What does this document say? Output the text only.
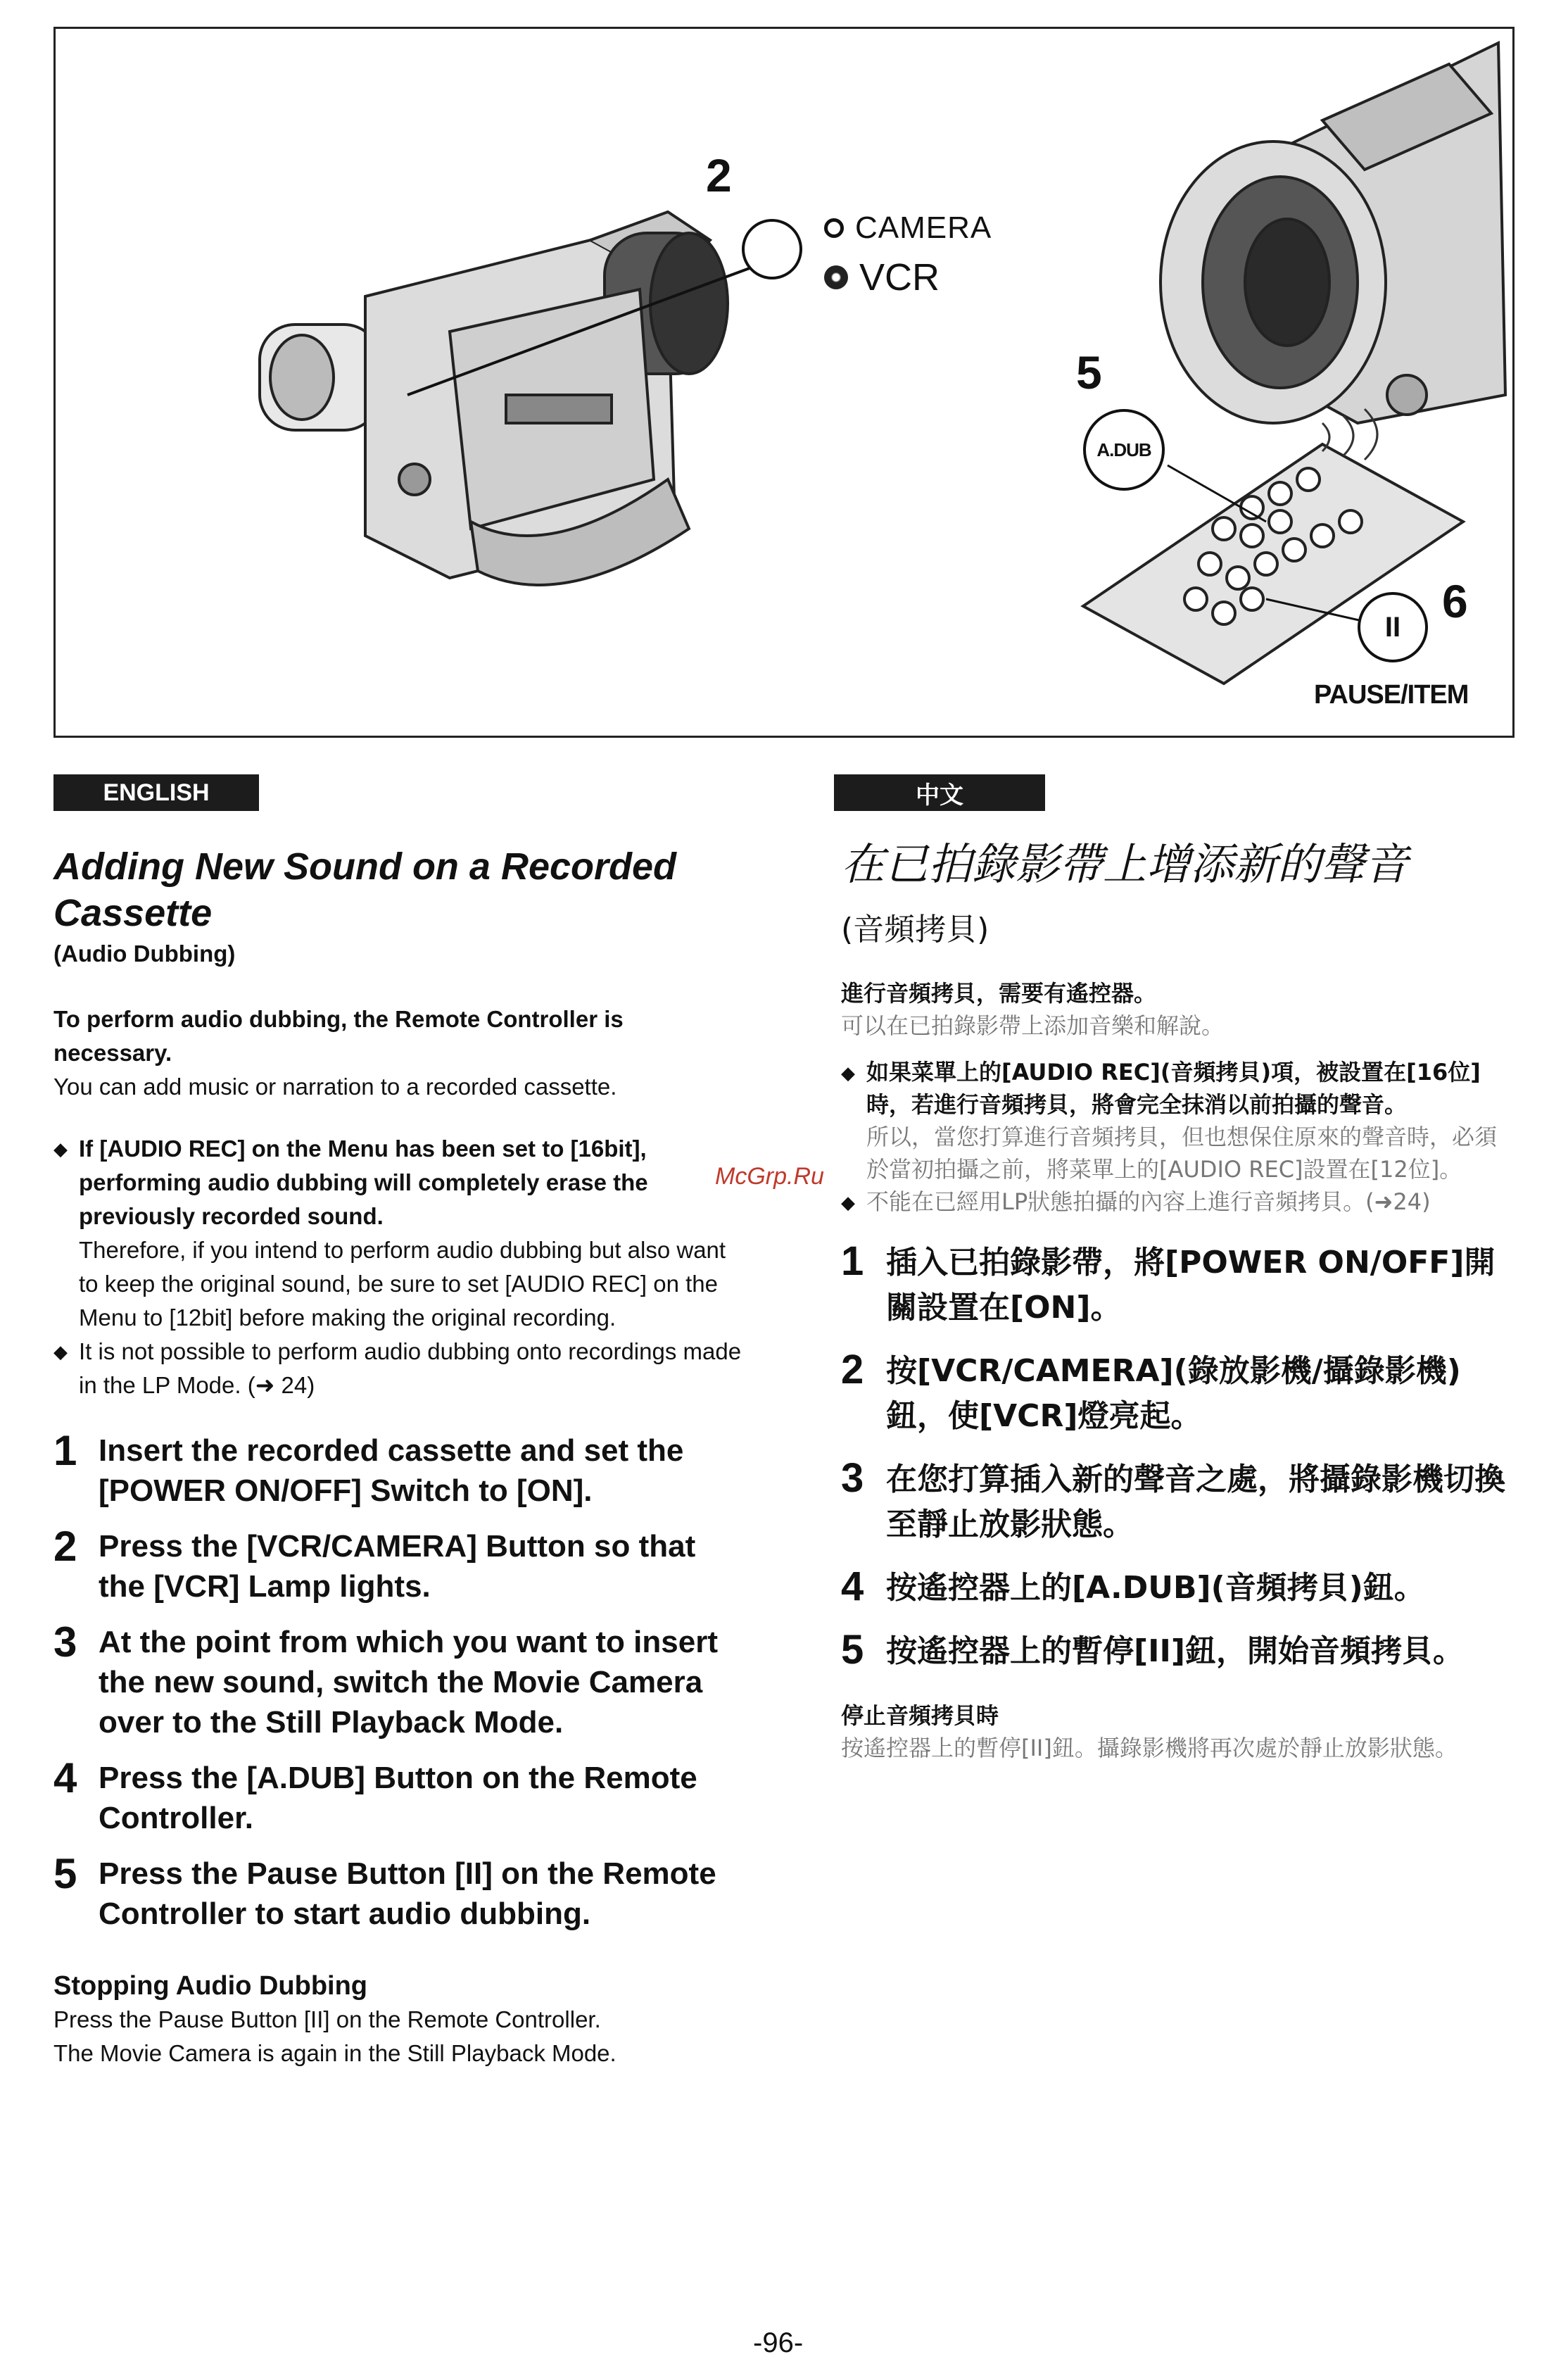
2
CAMERA
VCR
5
A.DUB
6
II
PAUSE/ITEM
ENGLISH	中文
Adding New Sound on a Recorded Cassette
(Audio Dubbing)
To perform audio dubbing, the Remote Controller is necessary.
You can add music or narration to a recorded cassette.
◆ If [AUDIO REC] on the Menu has been set to [16bit], performing audio dubbing will completely erase the previously recorded sound.
Therefore, if you intend to perform audio dubbing but also want to keep the original sound, be sure to set [AUDIO REC] on the Menu to [12bit] before making the original recording.
◆ It is not possible to perform audio dubbing onto recordings made in the LP Mode. (➜ 24)
1 Insert the recorded cassette and set the [POWER ON/OFF] Switch to [ON].
2 Press the [VCR/CAMERA] Button so that the [VCR] Lamp lights.
3 At the point from which you want to insert the new sound, switch the Movie Camera over to the Still Playback Mode.
4 Press the [A.DUB] Button on the Remote Controller.
5 Press the Pause Button [II] on the Remote Controller to start audio dubbing.
Stopping Audio Dubbing
Press the Pause Button [II] on the Remote Controller.
The Movie Camera is again in the Still Playback Mode.
在已拍錄影帶上增添新的聲音
(音頻拷貝)
進行音頻拷貝，需要有遙控器。
可以在已拍錄影帶上添加音樂和解說。
◆ 如果菜單上的[AUDIO REC](音頻拷貝)項，被設置在[16位]時，若進行音頻拷貝，將會完全抹消以前拍攝的聲音。
所以，當您打算進行音頻拷貝，但也想保住原來的聲音時，必須於當初拍攝之前，將菜單上的[AUDIO REC]設置在[12位]。
◆ 不能在已經用LP狀態拍攝的內容上進行音頻拷貝。(➜24)
1 插入已拍錄影帶，將[POWER ON/OFF]開關設置在[ON]。
2 按[VCR/CAMERA](錄放影機/攝錄影機)鈕，使[VCR]燈亮起。
3 在您打算插入新的聲音之處，將攝錄影機切換至靜止放影狀態。
4 按遙控器上的[A.DUB](音頻拷貝)鈕。
5 按遙控器上的暫停[II]鈕，開始音頻拷貝。
停止音頻拷貝時
按遙控器上的暫停[II]鈕。攝錄影機將再次處於靜止放影狀態。
McGrp.Ru
-96-
